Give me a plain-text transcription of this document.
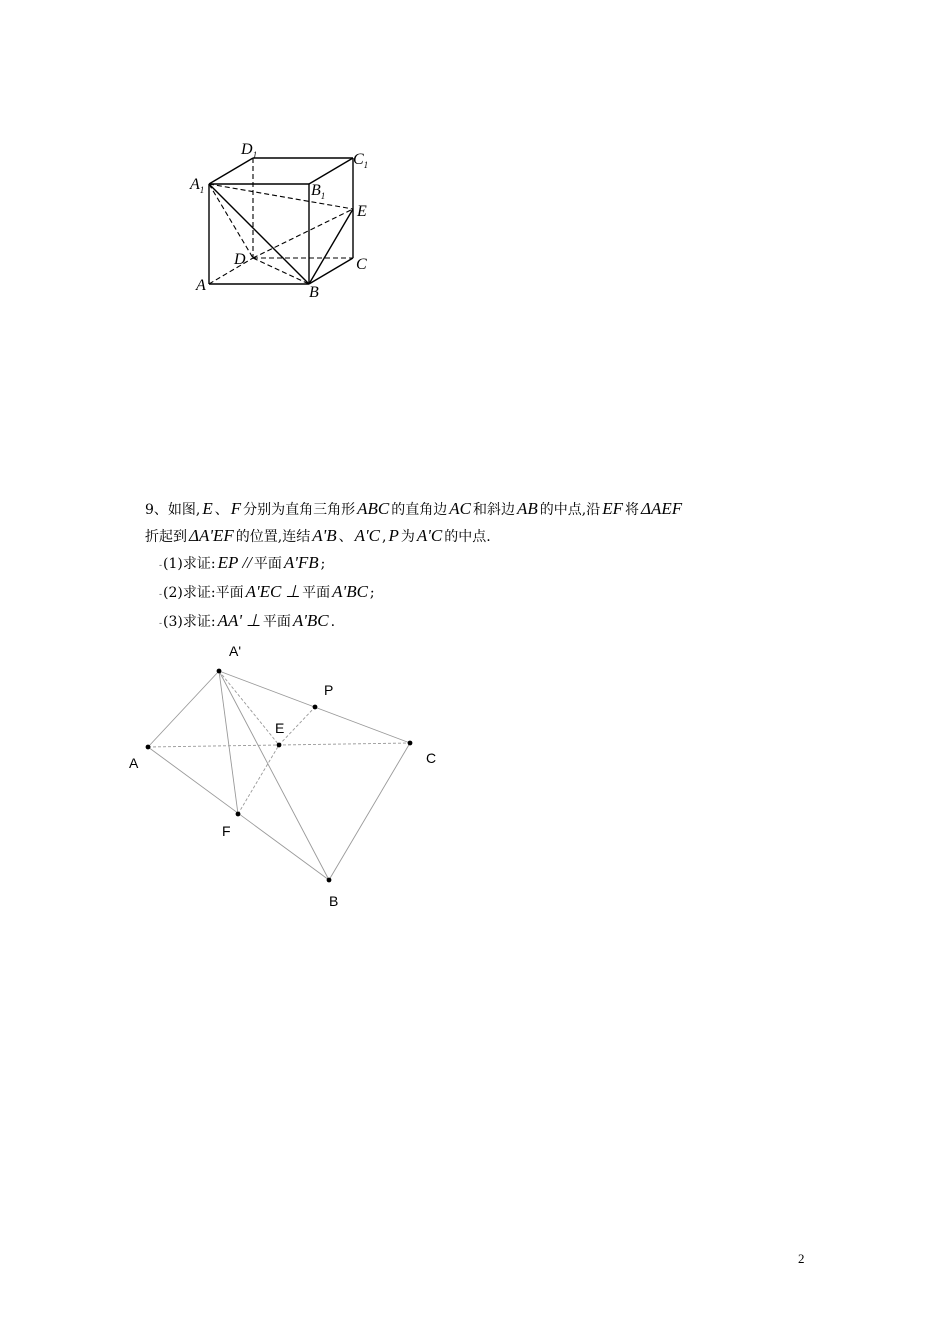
$D_1$	$C_1$
$A_1$	$B_1$
E
D	C
A	B
9、如图, E 、 F 分别为直角三角形 ABC 的直角边 AC 和斜边 AB 的中点,沿 EF 将 ΔAEF
折起到 ΔA'EF 的位置,连结 A'B 、 A'C , P 为 A'C 的中点.
-(1)求证: EP // 平面 A'FB ;
-(2)求证:平面 A'EC ⊥ 平面 A'BC ;
-(3)求证: AA' ⊥ 平面 A'BC .
A'
P
E
A	C
F
B
2
